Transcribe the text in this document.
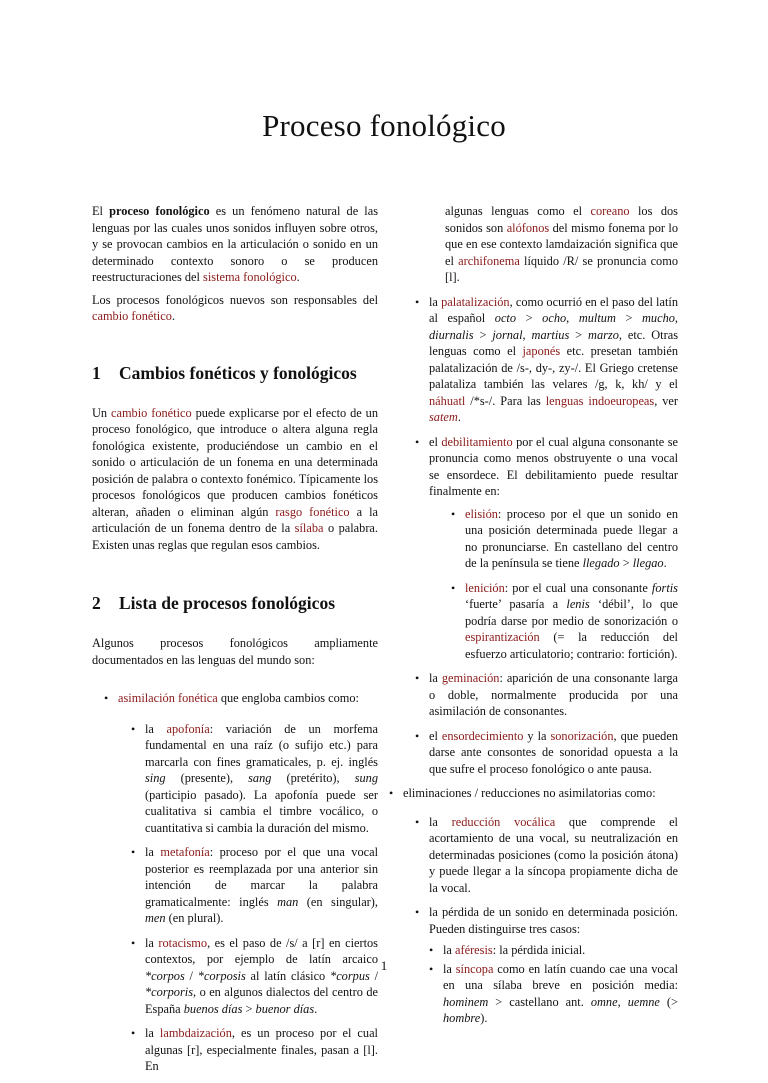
Proceso fonológico

El proceso fonológico es un fenómeno natural de las lenguas por las cuales unos sonidos influyen sobre otros, y se provocan cambios en la articulación o sonido en un determinado contexto sonoro o se producen reestructuraciones del sistema fonológico.

Los procesos fonológicos nuevos son responsables del cambio fonético.

1 Cambios fonéticos y fonológicos

Un cambio fonético puede explicarse por el efecto de un proceso fonológico, que introduce o altera alguna regla fonológica existente, produciéndose un cambio en el sonido o articulación de un fonema en una determinada posición de palabra o contexto fonémico. Típicamente los procesos fonológicos que producen cambios fonéticos alteran, añaden o eliminan algún rasgo fonético a la articulación de un fonema dentro de la sílaba o palabra. Existen unas reglas que regulan esos cambios.

2 Lista de procesos fonológicos

Algunos procesos fonológicos ampliamente documentados en las lenguas del mundo son:

• asimilación fonética que engloba cambios como:
• la apofonía: variación de un morfema fundamental en una raíz (o sufijo etc.) para marcarla con fines gramaticales, p. ej. inglés sing (presente), sang (pretérito), sung (participio pasado). La apofonía puede ser cualitativa si cambia el timbre vocálico, o cuantitativa si cambia la duración del mismo.
• la metafonía: proceso por el que una vocal posterior es reemplazada por una anterior sin intención de marcar la palabra gramaticalmente: inglés man (en singular), men (en plural).
• la rotacismo, es el paso de /s/ a [r] en ciertos contextos, por ejemplo de latín arcaico *corpos / *corposis al latín clásico *corpus / *corporis, o en algunos dialectos del centro de España buenos días > buenor días.
• la lambdaización, es un proceso por el cual algunas [r], especialmente finales, pasan a [l]. En
algunas lenguas como el coreano los dos sonidos son alófonos del mismo fonema por lo que en ese contexto lamdaización significa que el archifonema líquido /R/ se pronuncia como [l].
• la palatalización, como ocurrió en el paso del latín al español octo > ocho, multum > mucho, diurnalis > jornal, martius > marzo, etc. Otras lenguas como el japonés etc. presetan también palatalización de /s-, dy-, zy-/. El Griego cretense palataliza también las velares /g, k, kh/ y el náhuatl /*s-/. Para las lenguas indoeuropeas, ver satem.
• el debilitamiento por el cual alguna consonante se pronuncia como menos obstruyente o una vocal se ensordece. El debilitamiento puede resultar finalmente en:
• elisión: proceso por el que un sonido en una posición determinada puede llegar a no pronunciarse. En castellano del centro de la península se tiene llegado > llegao.
• lenición: por el cual una consonante fortis ‘fuerte’ pasaría a lenis ‘débil’, lo que podría darse por medio de sonorización o espirantización (= la reducción del esfuerzo articulatorio; contrario: fortición).
• la geminación: aparición de una consonante larga o doble, normalmente producida por una asimilación de consonantes.
• el ensordecimiento y la sonorización, que pueden darse ante consontes de sonoridad opuesta a la que sufre el proceso fonológico o ante pausa.
• eliminaciones / reducciones no asimilatorias como:
• la reducción vocálica que comprende el acortamiento de una vocal, su neutralización en determinadas posiciones (como la posición átona) y puede llegar a la síncopa propiamente dicha de la vocal.
• la pérdida de un sonido en determinada posición. Pueden distinguirse tres casos:
• la aféresis: la pérdida inicial.
• la síncopa como en latín cuando cae una vocal en una sílaba breve en posición media: hominem > castellano ant. omne, uemne (> hombre).
1
